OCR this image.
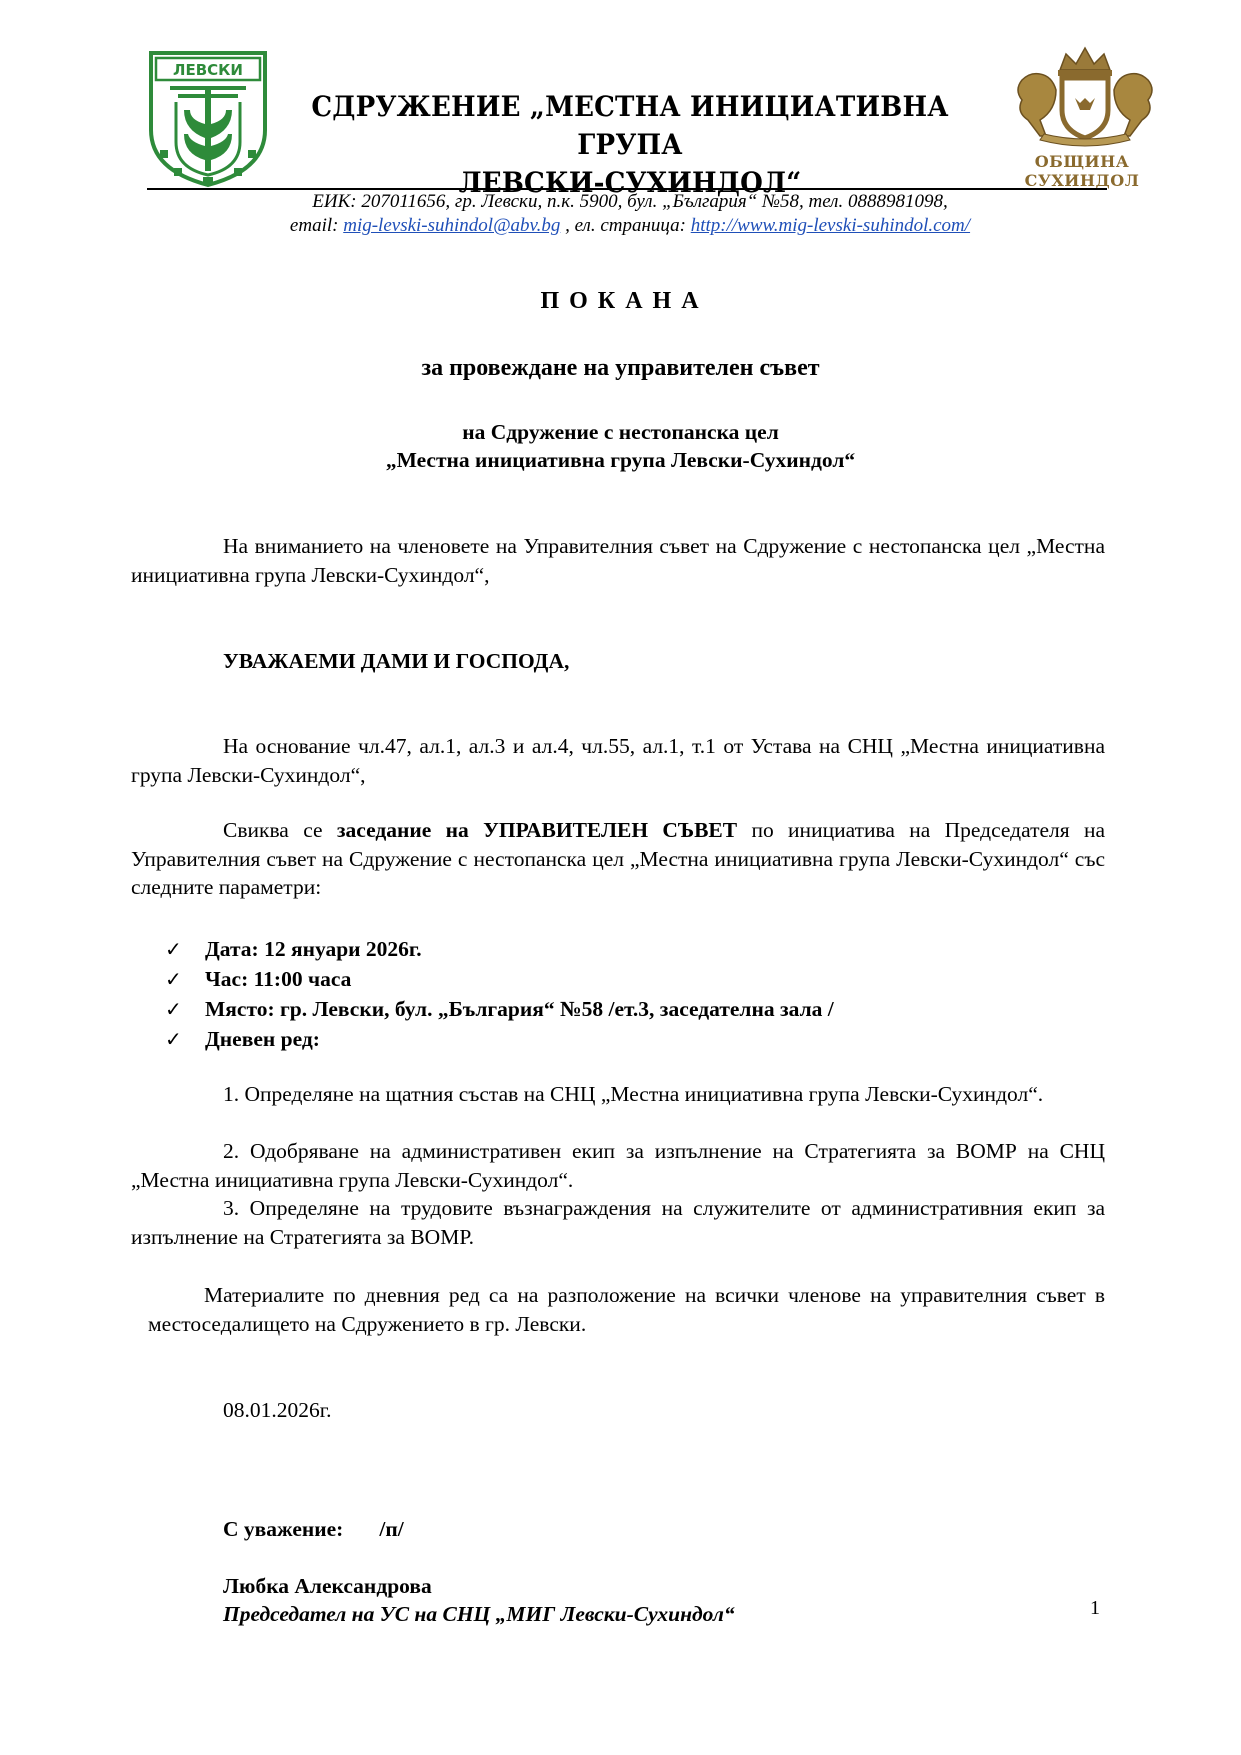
ЛЕВСКИ
СДРУЖЕНИЕ „МЕСТНА ИНИЦИАТИВНА ГРУПА
ЛЕВСКИ-СУХИНДОЛ“
ОБЩИНА СУХИНДОЛ
ЕИК: 207011656, гр. Левски, п.к. 5900, бул. „България“ №58, тел. 0888981098,
email: mig-levski-suhindol@abv.bg , ел. страница: http://www.mig-levski-suhindol.com/
П О К А Н А
за провеждане на управителен съвет
на Сдружение с нестопанска цел
„Местна инициативна група Левски-Сухиндол“
На вниманието на членовете на Управителния съвет на Сдружение с нестопанска цел „Местна инициативна група Левски-Сухиндол“,
УВАЖАЕМИ ДАМИ И ГОСПОДА,
На основание чл.47, ал.1, ал.3 и ал.4, чл.55, ал.1, т.1 от Устава на СНЦ „Местна инициативна група Левски-Сухиндол“,
Свиква се заседание на УПРАВИТЕЛЕН СЪВЕТ по инициатива на Председателя на Управителния съвет на Сдружение с нестопанска цел „Местна инициативна група Левски-Сухиндол“ със следните параметри:
✓	Дата: 12 януари 2026г.
✓	Час: 11:00 часа
✓	Място: гр. Левски, бул. „България“ №58 /ет.3, заседателна зала /
✓	Дневен ред:
1. Определяне на щатния състав на СНЦ „Местна инициативна група Левски-Сухиндол“.
2. Одобряване на административен екип за изпълнение на Стратегията за ВОМР на СНЦ „Местна инициативна група Левски-Сухиндол“.
3. Определяне на трудовите възнаграждения на служителите от административния екип за изпълнение на Стратегията за ВОМР.
Материалите по дневния ред са на разположение на всички членове на управителния съвет в местоседалището на Сдружението в гр. Левски.
08.01.2026г.
С уважение: /п/
Любка Александрова
Председател на УС на СНЦ „МИГ Левски-Сухиндол“	1
